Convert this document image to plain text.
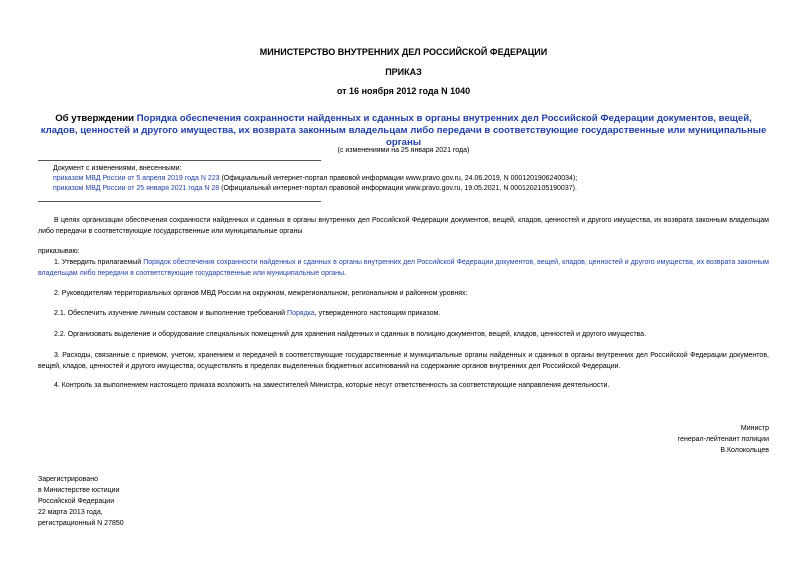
МИНИСТЕРСТВО ВНУТРЕННИХ ДЕЛ РОССИЙСКОЙ ФЕДЕРАЦИИ
ПРИКАЗ
от 16 ноября 2012 года N 1040
Об утверждении Порядка обеспечения сохранности найденных и сданных в органы внутренних дел Российской Федерации документов, вещей, кладов, ценностей и другого имущества, их возврата законным владельцам либо передачи в соответствующие государственные или муниципальные органы
(с изменениями на 25 января 2021 года)
Документ с изменениями, внесенными:
приказом МВД России от 5 апреля 2019 года N 223 (Официальный интернет-портал правовой информации www.pravo.gov.ru, 24.06.2019, N 0001201906240034);
приказом МВД России от 25 января 2021 года N 28 (Официальный интернет-портал правовой информации www.pravo.gov.ru, 19.05.2021, N 0001202105190037).
В целях организации обеспечения сохранности найденных и сданных в органы внутренних дел Российской Федерации документов, вещей, кладов, ценностей и другого имущества, их возврата законным владельцам либо передачи в соответствующие государственные или муниципальные органы
приказываю:
1. Утвердить прилагаемый Порядок обеспечения сохранности найденных и сданных в органы внутренних дел Российской Федерации документов, вещей, кладов, ценностей и другого имущества, их возврата законным владельцам либо передачи в соответствующие государственные или муниципальные органы.
2. Руководителям территориальных органов МВД России на окружном, межрегиональном, региональном и районном уровнях:
2.1. Обеспечить изучение личным составом и выполнение требований Порядка, утвержденного настоящим приказом.
2.2. Организовать выделение и оборудование специальных помещений для хранения найденных и сданных в полицию документов, вещей, кладов, ценностей и другого имущества.
3. Расходы, связанные с приемом, учетом, хранением и передачей в соответствующие государственные и муниципальные органы найденных и сданных в органы внутренних дел Российской Федерации документов, вещей, кладов, ценностей и другого имущества, осуществлять в пределах выделенных бюджетных ассигнований на содержание органов внутренних дел Российской Федерации.
4. Контроль за выполнением настоящего приказа возложить на заместителей Министра, которые несут ответственность за соответствующие направления деятельности.
Министр
генерал-лейтенант полиции
В.Колокольцев
Зарегистрировано
в Министерстве юстиции
Российской Федерации
22 марта 2013 года,
регистрационный N 27850
